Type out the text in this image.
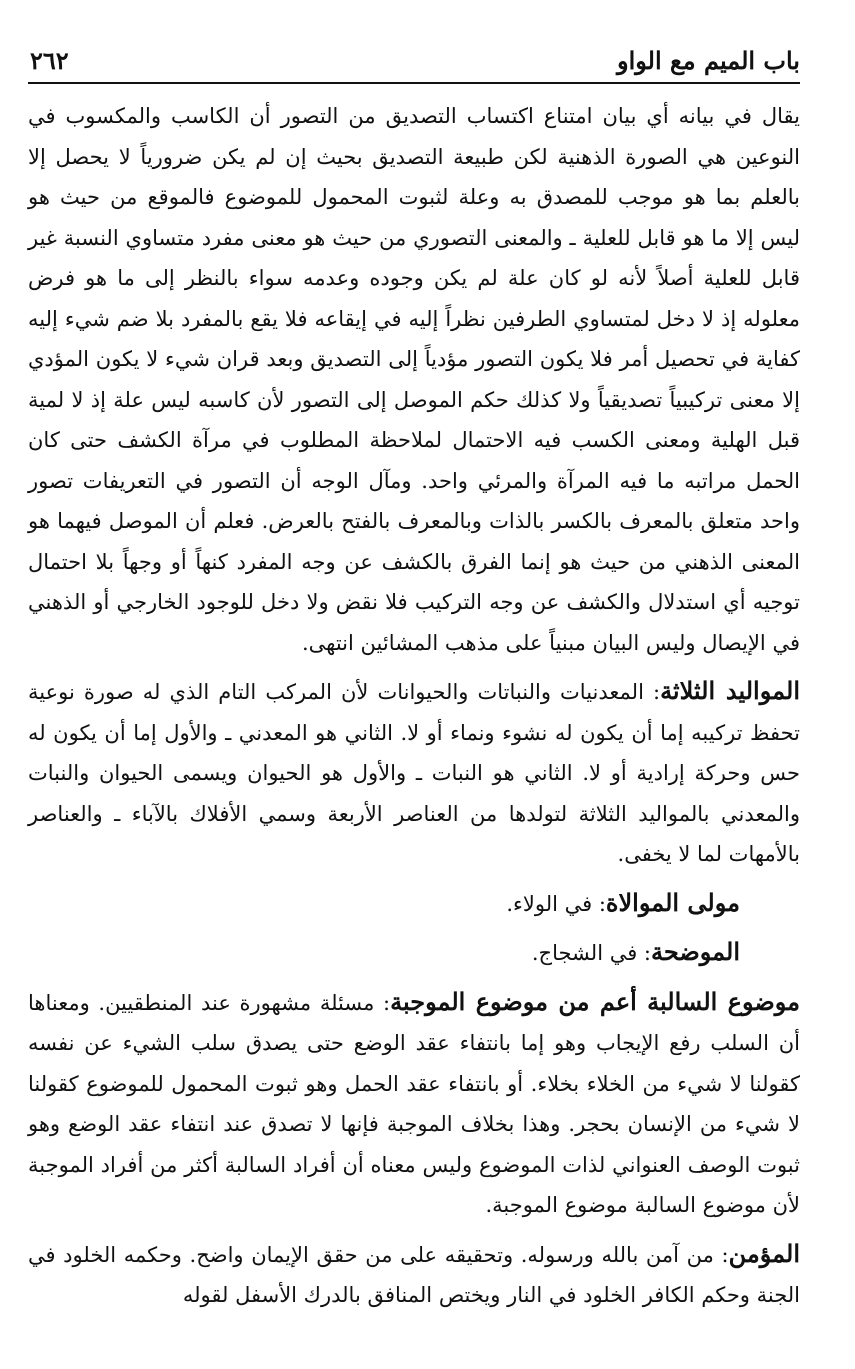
باب الميم مع الواو
٢٦٢

يقال في بيانه أي بيان امتناع اكتساب التصديق من التصور أن الكاسب والمكسوب في النوعين هي الصورة الذهنية لكن طبيعة التصديق بحيث إن لم يكن ضرورياً لا يحصل إلا بالعلم بما هو موجب للمصدق به وعلة لثبوت المحمول للموضوع فالموقع من حيث هو ليس إلا ما هو قابل للعلية ـ والمعنى التصوري من حيث هو معنى مفرد متساوي النسبة غير قابل للعلية أصلاً لأنه لو كان علة لم يكن وجوده وعدمه سواء بالنظر إلى ما هو فرض معلوله إذ لا دخل لمتساوي الطرفين نظراً إليه في إيقاعه فلا يقع بالمفرد بلا ضم شيء إليه كفاية في تحصيل أمر فلا يكون التصور مؤدياً إلى التصديق وبعد قران شيء لا يكون المؤدي إلا معنى تركيبياً تصديقياً ولا كذلك حكم الموصل إلى التصور لأن كاسبه ليس علة إذ لا لمية قبل الهلية ومعنى الكسب فيه الاحتمال لملاحظة المطلوب في مرآة الكشف حتى كان الحمل مراتبه ما فيه المرآة والمرئي واحد. ومآل الوجه أن التصور في التعريفات تصور واحد متعلق بالمعرف بالكسر بالذات وبالمعرف بالفتح بالعرض. فعلم أن الموصل فيهما هو المعنى الذهني من حيث هو إنما الفرق بالكشف عن وجه المفرد كنهاً أو وجهاً بلا احتمال توجيه أي استدلال والكشف عن وجه التركيب فلا نقض ولا دخل للوجود الخارجي أو الذهني في الإيصال وليس البيان مبنياً على مذهب المشائين انتهى.

المواليد الثلاثة: المعدنيات والنباتات والحيوانات لأن المركب التام الذي له صورة نوعية تحفظ تركيبه إما أن يكون له نشوء ونماء أو لا. الثاني هو المعدني ـ والأول إما أن يكون له حس وحركة إرادية أو لا. الثاني هو النبات ـ والأول هو الحيوان ويسمى الحيوان والنبات والمعدني بالمواليد الثلاثة لتولدها من العناصر الأربعة وسمي الأفلاك بالآباء ـ والعناصر بالأمهات لما لا يخفى.

مولى الموالاة: في الولاء.

الموضحة: في الشجاج.

موضوع السالبة أعم من موضوع الموجبة: مسئلة مشهورة عند المنطقيين. ومعناها أن السلب رفع الإيجاب وهو إما بانتفاء عقد الوضع حتى يصدق سلب الشيء عن نفسه كقولنا لا شيء من الخلاء بخلاء. أو بانتفاء عقد الحمل وهو ثبوت المحمول للموضوع كقولنا لا شيء من الإنسان بحجر. وهذا بخلاف الموجبة فإنها لا تصدق عند انتفاء عقد الوضع وهو ثبوت الوصف العنواني لذات الموضوع وليس معناه أن أفراد السالبة أكثر من أفراد الموجبة لأن موضوع السالبة موضوع الموجبة.

المؤمن: من آمن بالله ورسوله. وتحقيقه على من حقق الإيمان واضح. وحكمه الخلود في الجنة وحكم الكافر الخلود في النار ويختص المنافق بالدرك الأسفل لقوله
